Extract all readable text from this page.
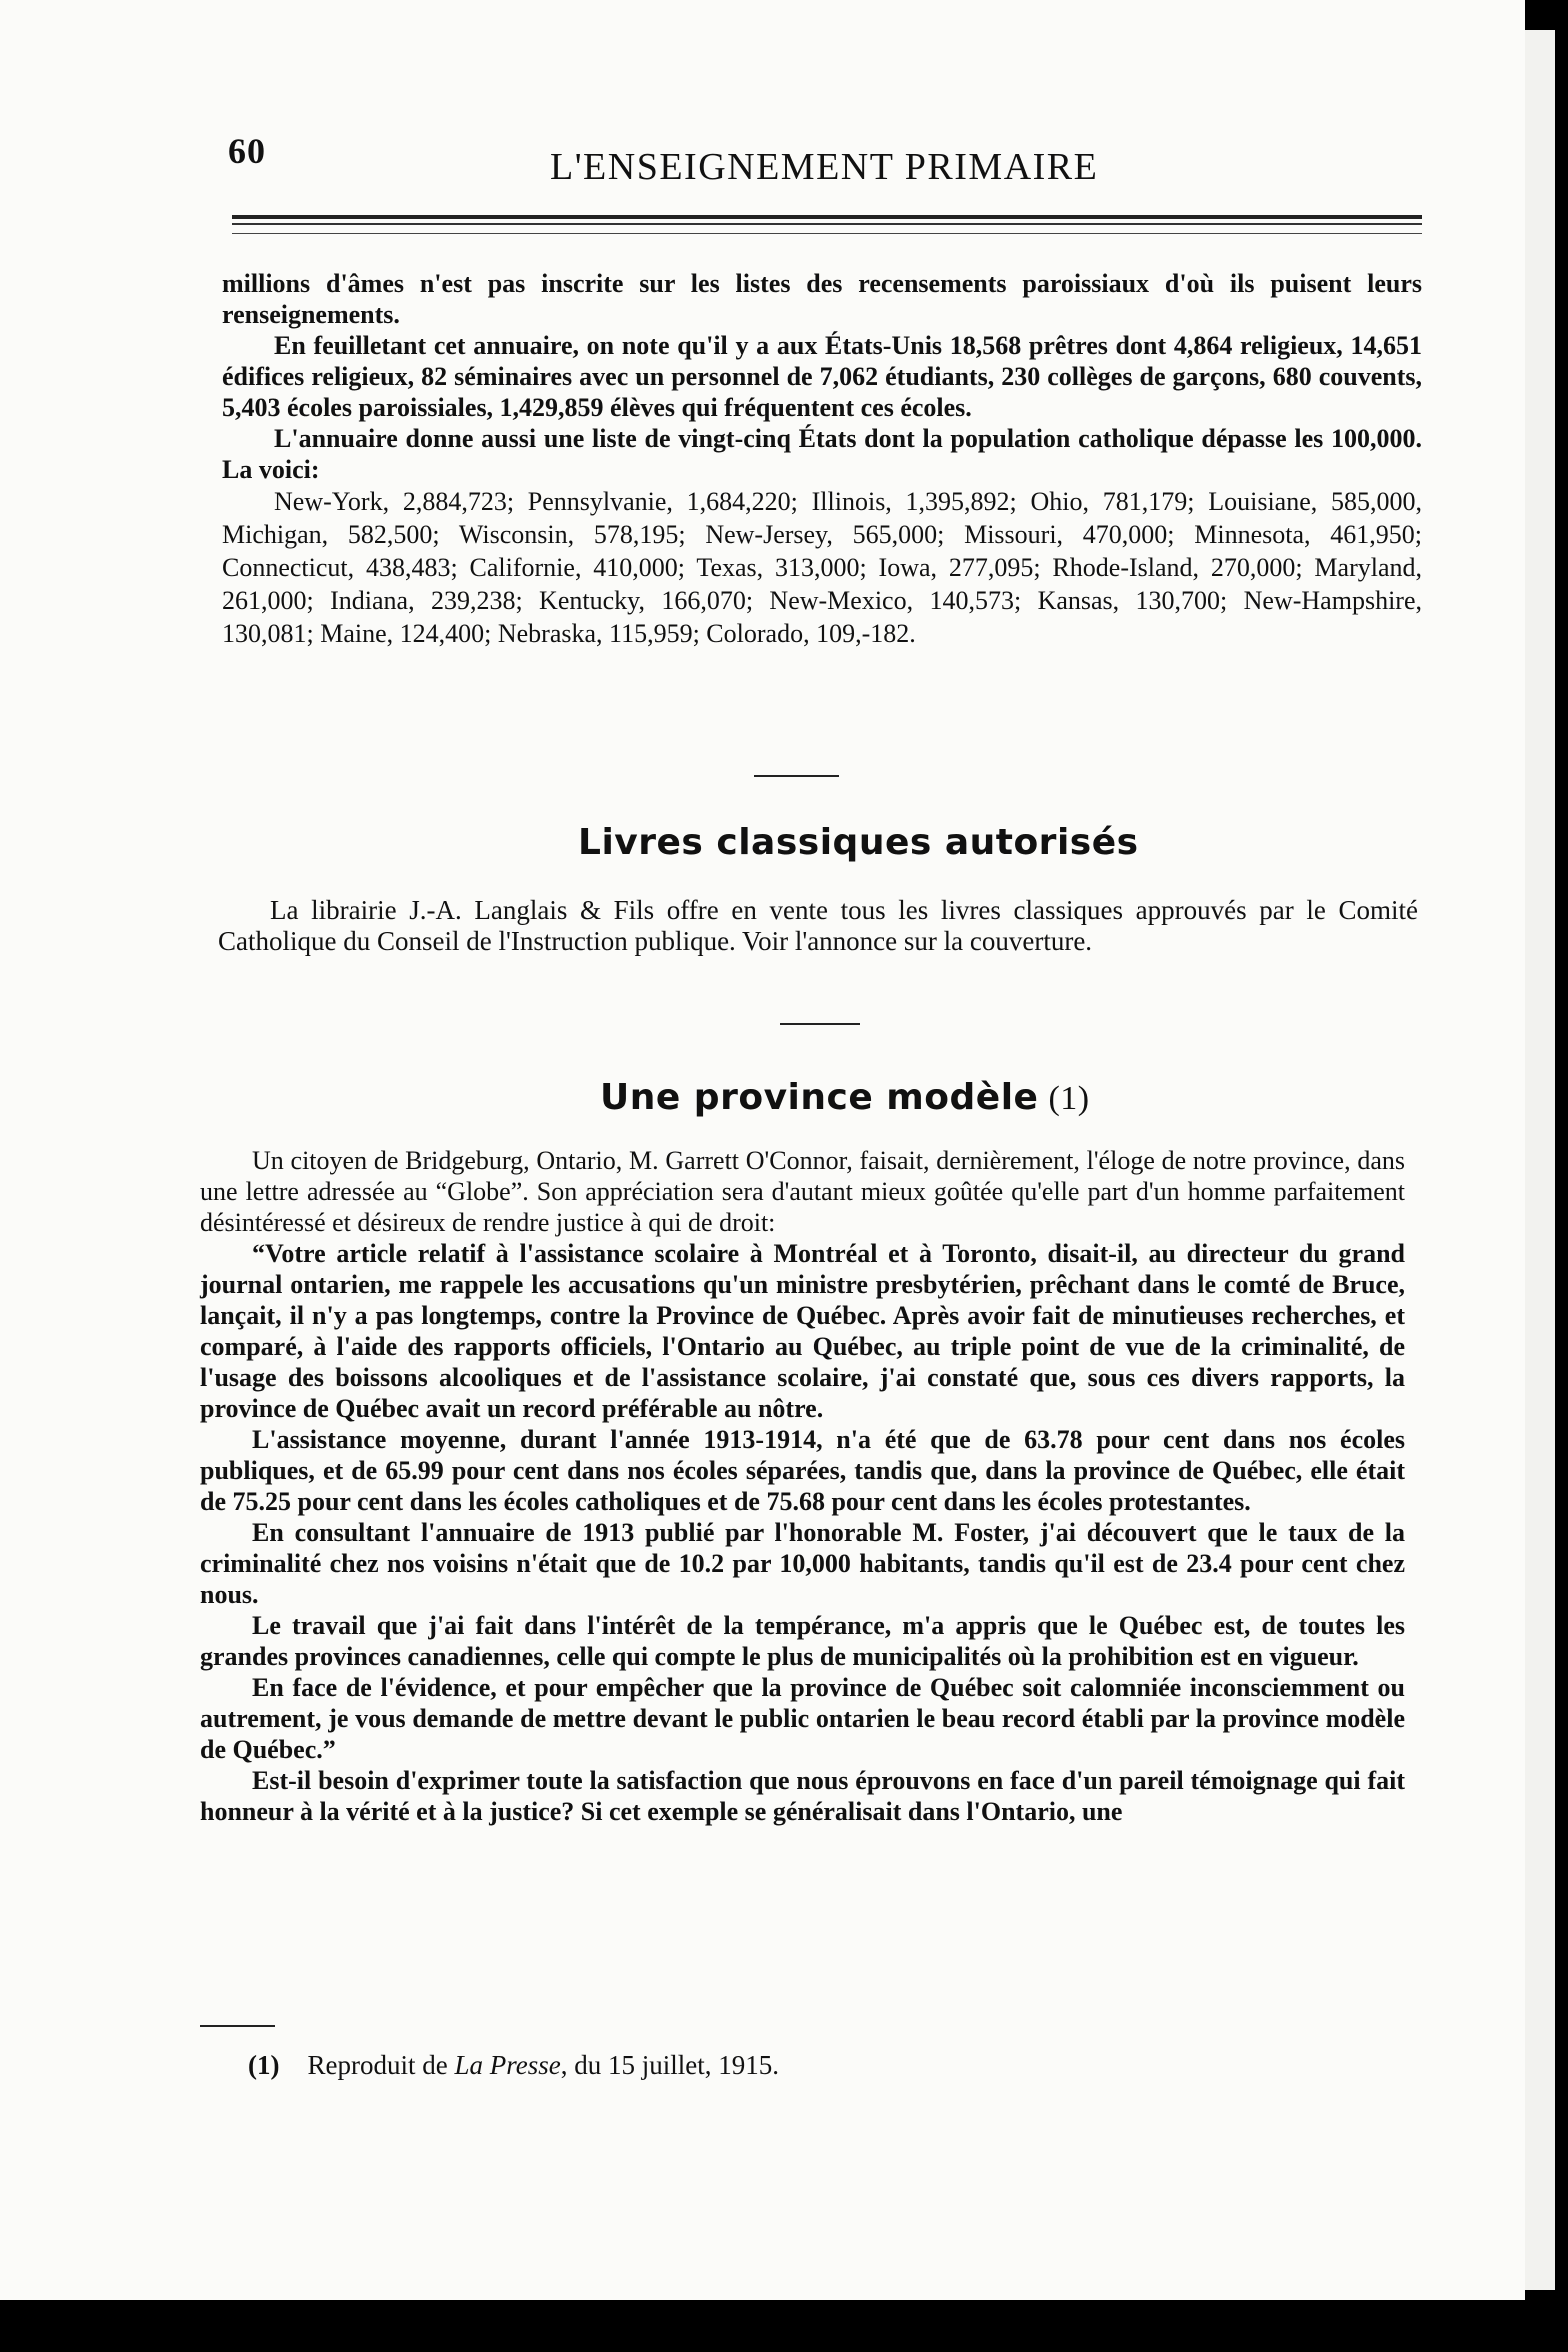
60	L'ENSEIGNEMENT PRIMAIRE

millions d'âmes n'est pas inscrite sur les listes des recensements paroissiaux d'où ils puisent leurs renseignements.

En feuilletant cet annuaire, on note qu'il y a aux États-Unis 18,568 prêtres dont 4,864 religieux, 14,651 édifices religieux, 82 séminaires avec un personnel de 7,062 étudiants, 230 collèges de garçons, 680 couvents, 5,403 écoles paroissiales, 1,429,859 élèves qui fréquentent ces écoles.

L'annuaire donne aussi une liste de vingt-cinq États dont la population catholique dépasse les 100,000. La voici:

New-York, 2,884,723; Pennsylvanie, 1,684,220; Illinois, 1,395,892; Ohio, 781,179; Louisiane, 585,000, Michigan, 582,500; Wisconsin, 578,195; New-Jersey, 565,000; Missouri, 470,000; Minnesota, 461,950; Connecticut, 438,483; Californie, 410,000; Texas, 313,000; Iowa, 277,095; Rhode-Island, 270,000; Maryland, 261,000; Indiana, 239,238; Kentucky, 166,070; New-Mexico, 140,573; Kansas, 130,700; New-Hampshire, 130,081; Maine, 124,400; Nebraska, 115,959; Colorado, 109,-182.

Livres classiques autorisés

La librairie J.-A. Langlais & Fils offre en vente tous les livres classiques approuvés par le Comité Catholique du Conseil de l'Instruction publique. Voir l'annonce sur la couverture.

Une province modèle (1)

Un citoyen de Bridgeburg, Ontario, M. Garrett O'Connor, faisait, dernièrement, l'éloge de notre province, dans une lettre adressée au “Globe”. Son appréciation sera d'autant mieux goûtée qu'elle part d'un homme parfaitement désintéressé et désireux de rendre justice à qui de droit:

“Votre article relatif à l'assistance scolaire à Montréal et à Toronto, disait-il, au directeur du grand journal ontarien, me rappele les accusations qu'un ministre presbytérien, prêchant dans le comté de Bruce, lançait, il n'y a pas longtemps, contre la Province de Québec. Après avoir fait de minutieuses recherches, et comparé, à l'aide des rapports officiels, l'Ontario au Québec, au triple point de vue de la criminalité, de l'usage des boissons alcooliques et de l'assistance scolaire, j'ai constaté que, sous ces divers rapports, la province de Québec avait un record préférable au nôtre.

L'assistance moyenne, durant l'année 1913-1914, n'a été que de 63.78 pour cent dans nos écoles publiques, et de 65.99 pour cent dans nos écoles séparées, tandis que, dans la province de Québec, elle était de 75.25 pour cent dans les écoles catholiques et de 75.68 pour cent dans les écoles protestantes.

En consultant l'annuaire de 1913 publié par l'honorable M. Foster, j'ai découvert que le taux de la criminalité chez nos voisins n'était que de 10.2 par 10,000 habitants, tandis qu'il est de 23.4 pour cent chez nous.

Le travail que j'ai fait dans l'intérêt de la tempérance, m'a appris que le Québec est, de toutes les grandes provinces canadiennes, celle qui compte le plus de municipalités où la prohibition est en vigueur.

En face de l'évidence, et pour empêcher que la province de Québec soit calomniée inconsciemment ou autrement, je vous demande de mettre devant le public ontarien le beau record établi par la province modèle de Québec.”

Est-il besoin d'exprimer toute la satisfaction que nous éprouvons en face d'un pareil témoignage qui fait honneur à la vérité et à la justice? Si cet exemple se généralisait dans l'Ontario, une

(1) Reproduit de La Presse, du 15 juillet, 1915.
